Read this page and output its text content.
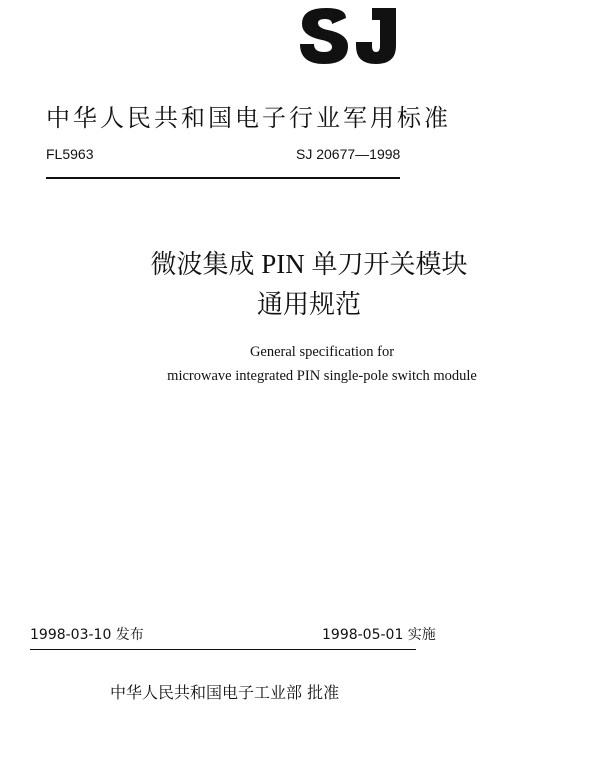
中华人民共和国电子行业军用标准
FL5963	SJ 20677—1998
微波集成 PIN 单刀开关模块
通用规范
General specification for
microwave integrated PIN single-pole switch module
1998-03-10 发布	1998-05-01 实施
中华人民共和国电子工业部 批准
